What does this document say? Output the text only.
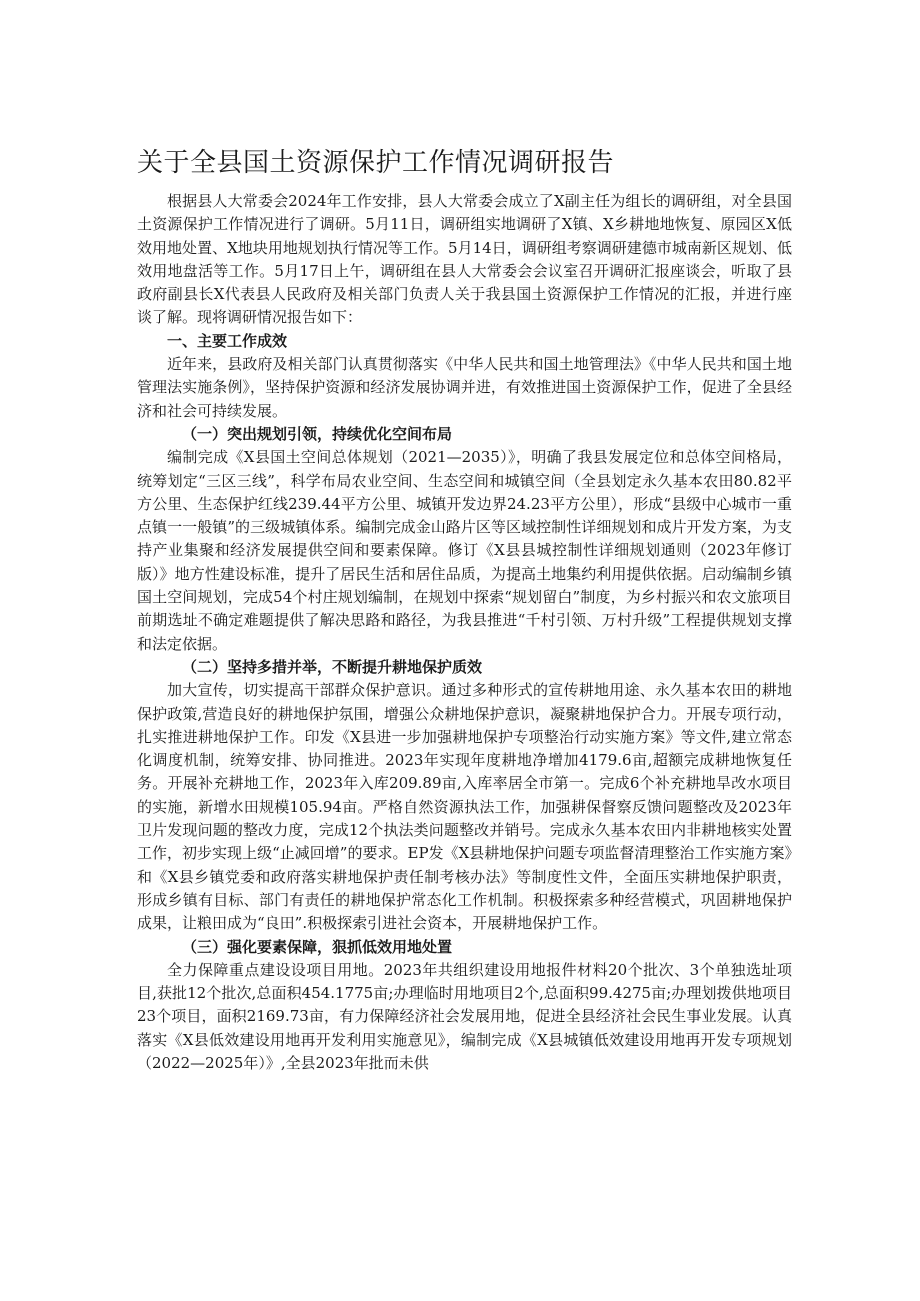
关于全县国土资源保护工作情况调研报告

根据县人大常委会2024年工作安排，县人大常委会成立了X副主任为组长的调研组，对全县国土资源保护工作情况进行了调研。5月11日，调研组实地调研了X镇、X乡耕地地恢复、原园区X低效用地处置、X地块用地规划执行情况等工作。5月14日，调研组考察调研建德市城南新区规划、低效用地盘活等工作。5月17日上午，调研组在县人大常委会会议室召开调研汇报座谈会，听取了县政府副县长X代表县人民政府及相关部门负责人关于我县国土资源保护工作情况的汇报，并进行座谈了解。现将调研情况报告如下：

一、主要工作成效

近年来，县政府及相关部门认真贯彻落实《中华人民共和国土地管理法》《中华人民共和国土地管理法实施条例》，坚持保护资源和经济发展协调并进，有效推进国土资源保护工作，促进了全县经济和社会可持续发展。

（一）突出规划引领，持续优化空间布局

编制完成《X县国土空间总体规划（2021—2035）》，明确了我县发展定位和总体空间格局，统筹划定“三区三线”，科学布局农业空间、生态空间和城镇空间（全县划定永久基本农田80.82平方公里、生态保护红线239.44平方公里、城镇开发边界24.23平方公里），形成“县级中心城市一重点镇一一般镇”的三级城镇体系。编制完成金山路片区等区域控制性详细规划和成片开发方案，为支持产业集聚和经济发展提供空间和要素保障。修订《X县县城控制性详细规划通则（2023年修订版）》地方性建设标准，提升了居民生活和居住品质，为提高土地集约利用提供依据。启动编制乡镇国土空间规划，完成54个村庄规划编制，在规划中探索“规划留白”制度，为乡村振兴和农文旅项目前期选址不确定难题提供了解决思路和路径，为我县推进“千村引领、万村升级”工程提供规划支撑和法定依据。

（二）坚持多措并举，不断提升耕地保护质效

加大宣传，切实提高干部群众保护意识。通过多种形式的宣传耕地用途、永久基本农田的耕地保护政策,营造良好的耕地保护氛围，增强公众耕地保护意识，凝聚耕地保护合力。开展专项行动，扎实推进耕地保护工作。印发《X县进一步加强耕地保护专项整治行动实施方案》等文件,建立常态化调度机制，统筹安排、协同推进。2023年实现年度耕地净增加4179.6亩,超额完成耕地恢复任务。开展补充耕地工作，2023年入库209.89亩,入库率居全市第一。完成6个补充耕地旱改水项目的实施，新增水田规模105.94亩。严格自然资源执法工作，加强耕保督察反馈问题整改及2023年卫片发现问题的整改力度，完成12个执法类问题整改并销号。完成永久基本农田内非耕地核实处置工作，初步实现上级“止减回增”的要求。EP发《X县耕地保护问题专项监督清理整治工作实施方案》和《X县乡镇党委和政府落实耕地保护责任制考核办法》等制度性文件，全面压实耕地保护职责，形成乡镇有目标、部门有责任的耕地保护常态化工作机制。积极探索多种经营模式，巩固耕地保护成果，让粮田成为“良田”.积极探索引进社会资本，开展耕地保护工作。

（三）强化要素保障，狠抓低效用地处置

全力保障重点建设设项目用地。2023年共组织建设用地报件材料20个批次、3个单独选址项目,获批12个批次,总面积454.1775亩;办理临时用地项目2个,总面积99.4275亩;办理划拨供地项目23个项目，面积2169.73亩，有力保障经济社会发展用地，促进全县经济社会民生事业发展。认真落实《X县低效建设用地再开发利用实施意见》，编制完成《X县城镇低效建设用地再开发专项规划（2022—2025年）》,全县2023年批而未供
